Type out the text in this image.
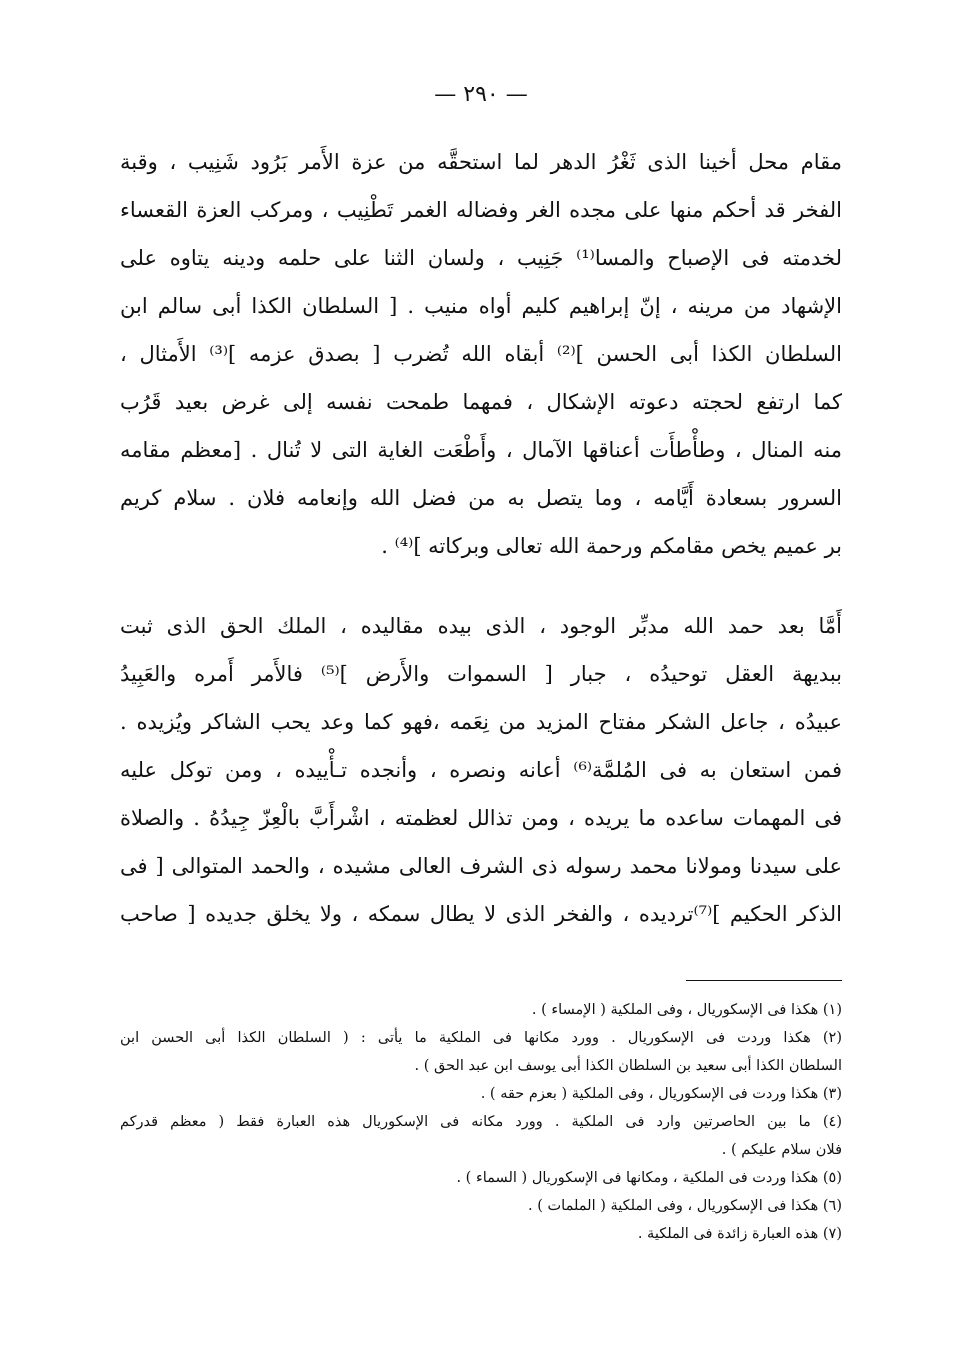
— ٢٩٠ —
مقام محل أخينا الذى ثَغْرُ الدهر لما استحقَّه من عزة الأَمر بَرُود شَنِيب ، وقبة
الفخر قد أحكم منها على مجده الغر وفضاله الغمر تَطْنِيب ، ومركب العزة القعساء
لخدمته فى الإصباح والمسا⁽¹⁾ جَنِيب ، ولسان الثنا على حلمه ودينه يتاوه على
الإشهاد من مرينه ، إنّ إبراهيم كليم أواه منيب . [ السلطان الكذا أبى سالم ابن
السلطان الكذا أبى الحسن ]⁽²⁾ أبقاه الله تُضرب [ بصدق عزمه ]⁽³⁾ الأَمثال ،
كما ارتفع لحجته دعوته الإشكال ، فمهما طمحت نفسه إلى غرض بعيد قَرُب
منه المنال ، وطأْطأَت أعناقها الآمال ، وأَطْعَت الغاية التى لا تُنال . [معظم مقامه
السرور بسعادة أَيَّامه ، وما يتصل به من فضل الله وإنعامه فلان . سلام كريم
بر عميم يخص مقامكم ورحمة الله تعالى وبركاته ]⁽⁴⁾ .
أَمَّا بعد حمد الله مدبِّر الوجود ، الذى بيده مقاليده ، الملك الحق الذى ثبت
ببديهة العقل توحيدُه ، جبار [ السموات والأَرض ]⁽⁵⁾ فالأَمر أَمره والعَبِيدُ
عبيدُه ، جاعل الشكر مفتاح المزيد من نِعَمه ،فهو كما وعد يحب الشاكر ويُزيده .
فمن استعان به فى المُلمَّة⁽⁶⁾ أعانه ونصره ، وأنجده تـأْييده ، ومن توكل عليه
فى المهمات ساعده ما يريده ، ومن تذالل لعظمته ، اشْرأَبَّ بالْعِزّ جِيدُهُ . والصلاة
على سيدنا ومولانا محمد رسوله ذى الشرف العالى مشيده ، والحمد المتوالى [ فى
الذكر الحكيم ]⁽⁷⁾ترديده ، والفخر الذى لا يطال سمكه ، ولا يخلق جديده [ صاحب
(١) هكذا فى الإسكوريال ، وفى الملكية ( الإمساء ) .
(٢) هكذا وردت فى الإسكوريال . وورد مكانها فى الملكية ما يأتى : ( السلطان الكذا أبى الحسن ابن
السلطان الكذا أبى سعيد بن السلطان الكذا أبى يوسف ابن عبد الحق ) .
(٣) هكذا وردت فى الإسكوريال ، وفى الملكية ( بعزم حقه ) .
(٤) ما بين الحاصرتين وارد فى الملكية . وورد مكانه فى الإسكوريال هذه العبارة فقط ( معظم قدركم
فلان سلام عليكم ) .
(٥) هكذا وردت فى الملكية ، ومكانها فى الإسكوريال ( السماء ) .
(٦) هكذا فى الإسكوريال ، وفى الملكية ( الملمات ) .
(٧) هذه العبارة زائدة فى الملكية .
